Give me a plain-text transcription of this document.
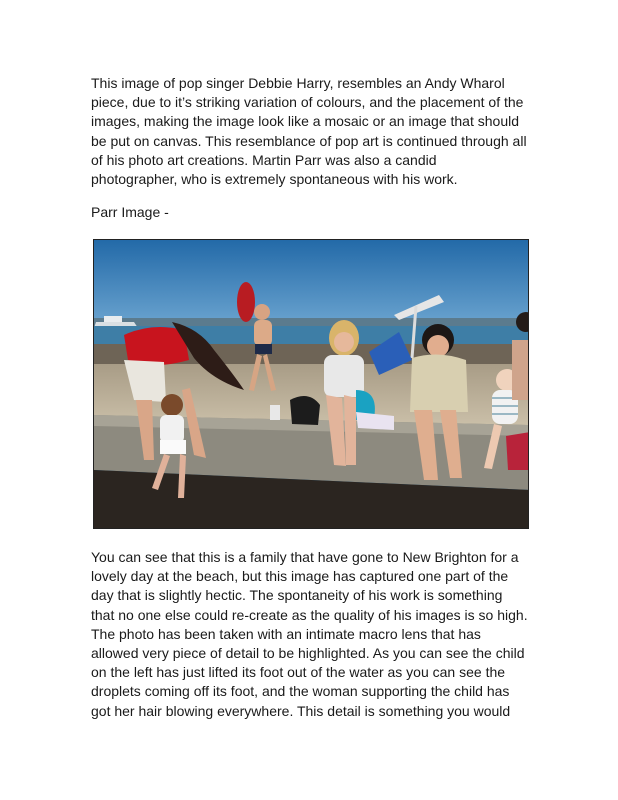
This image of pop singer Debbie Harry, resembles an Andy Wharol
piece, due to it’s striking variation of colours, and the placement of the
images, making the image look like a mosaic or an image that should
be put on canvas. This resemblance of pop art is continued through all
of his photo art creations. Martin Parr was also a candid
photographer, who is extremely spontaneous with his work.

Parr Image -

You can see that this is a family that have gone to New Brighton for a
lovely day at the beach, but this image has captured one part of the
day that is slightly hectic. The spontaneity of his work is something
that no one else could re-create as the quality of his images is so high.
The photo has been taken with an intimate macro lens that has
allowed very piece of detail to be highlighted. As you can see the child
on the left has just lifted its foot out of the water as you can see the
droplets coming off its foot, and the woman supporting the child has
got her hair blowing everywhere. This detail is something you would
